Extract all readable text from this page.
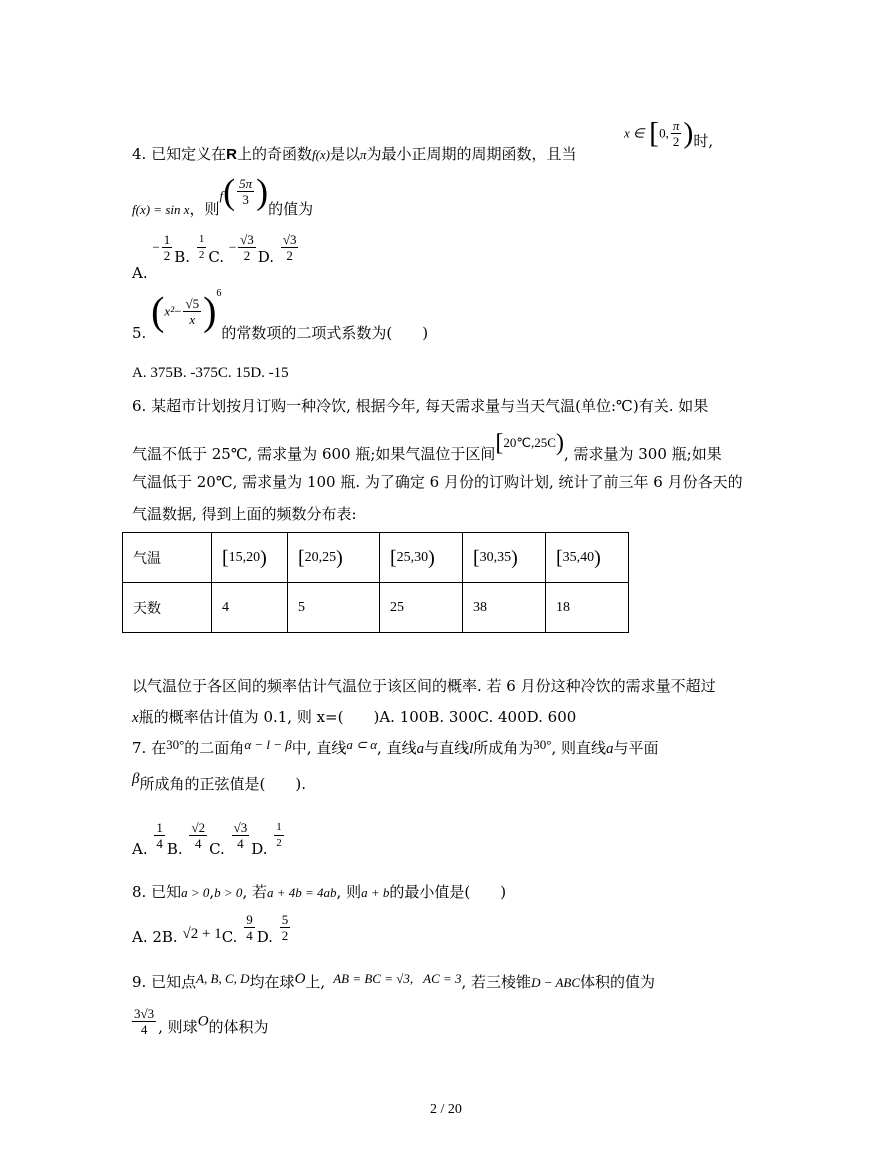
4. 已知定义在R上的奇函数f(x)是以π为最小正周期的周期函数，且当
x ∈ [0, $\frac{\pi}{2}$ )时,
f(x) = sin x，则$f( \frac{5\pi}{3}$ )的值为
A. − $\frac{1}{2} B$. $\frac{1}{2} C$. − $\frac{√3}{2} D$. $\frac{√3}{2}$
5. $(x^2- \frac{√5}{x} )^6$的常数项的二项式系数为(　　)
A. 375B. -375C. 15D. -15
6. 某超市计划按月订购一种冷饮, 根据今年, 每天需求量与当天气温(单位:℃)有关. 如果
气温不低于 25℃, 需求量为 600 瓶;如果气温位于区间[20℃,25C), 需求量为 300 瓶;如果
气温低于 20℃, 需求量为 100 瓶. 为了确定 6 月份的订购计划, 统计了前三年 6 月份各天的
气温数据, 得到上面的频数分布表:
气温	[15,20)	[20,25)	[25,30)	[30,35)	[35,40)
天数	4	5	25	38	18
以气温位于各区间的频率估计气温位于该区间的概率. 若 6 月份这种冷饮的需求量不超过
x瓶的概率估计值为 0.1, 则 x=(　　)A. 100B. 300C. 400D. 600
7. 在30°的二面角α − l − β中, 直线a ⊂ α, 直线a与直线l所成角为30°, 则直线a与平面
β所成角的正弦值是(　　).
A. $\frac{1}{4} B$. $\frac{√2}{4} C$. $\frac{√3}{4} D$. $\frac{1}{2}$
8. 已知a > 0,b > 0, 若a + 4b = 4ab, 则a + b的最小值是(　　)
A. 2B. √2 + 1C. $\frac{9}{4} D$. $\frac{5}{2}$
9. 已知点A, B, C, D均在球O上, AB = BC = √3, AC = 3, 若三棱锥D − ABC体积的值为
$\frac{3√3}{4}$ , 则球O的体积为
2 / 20
